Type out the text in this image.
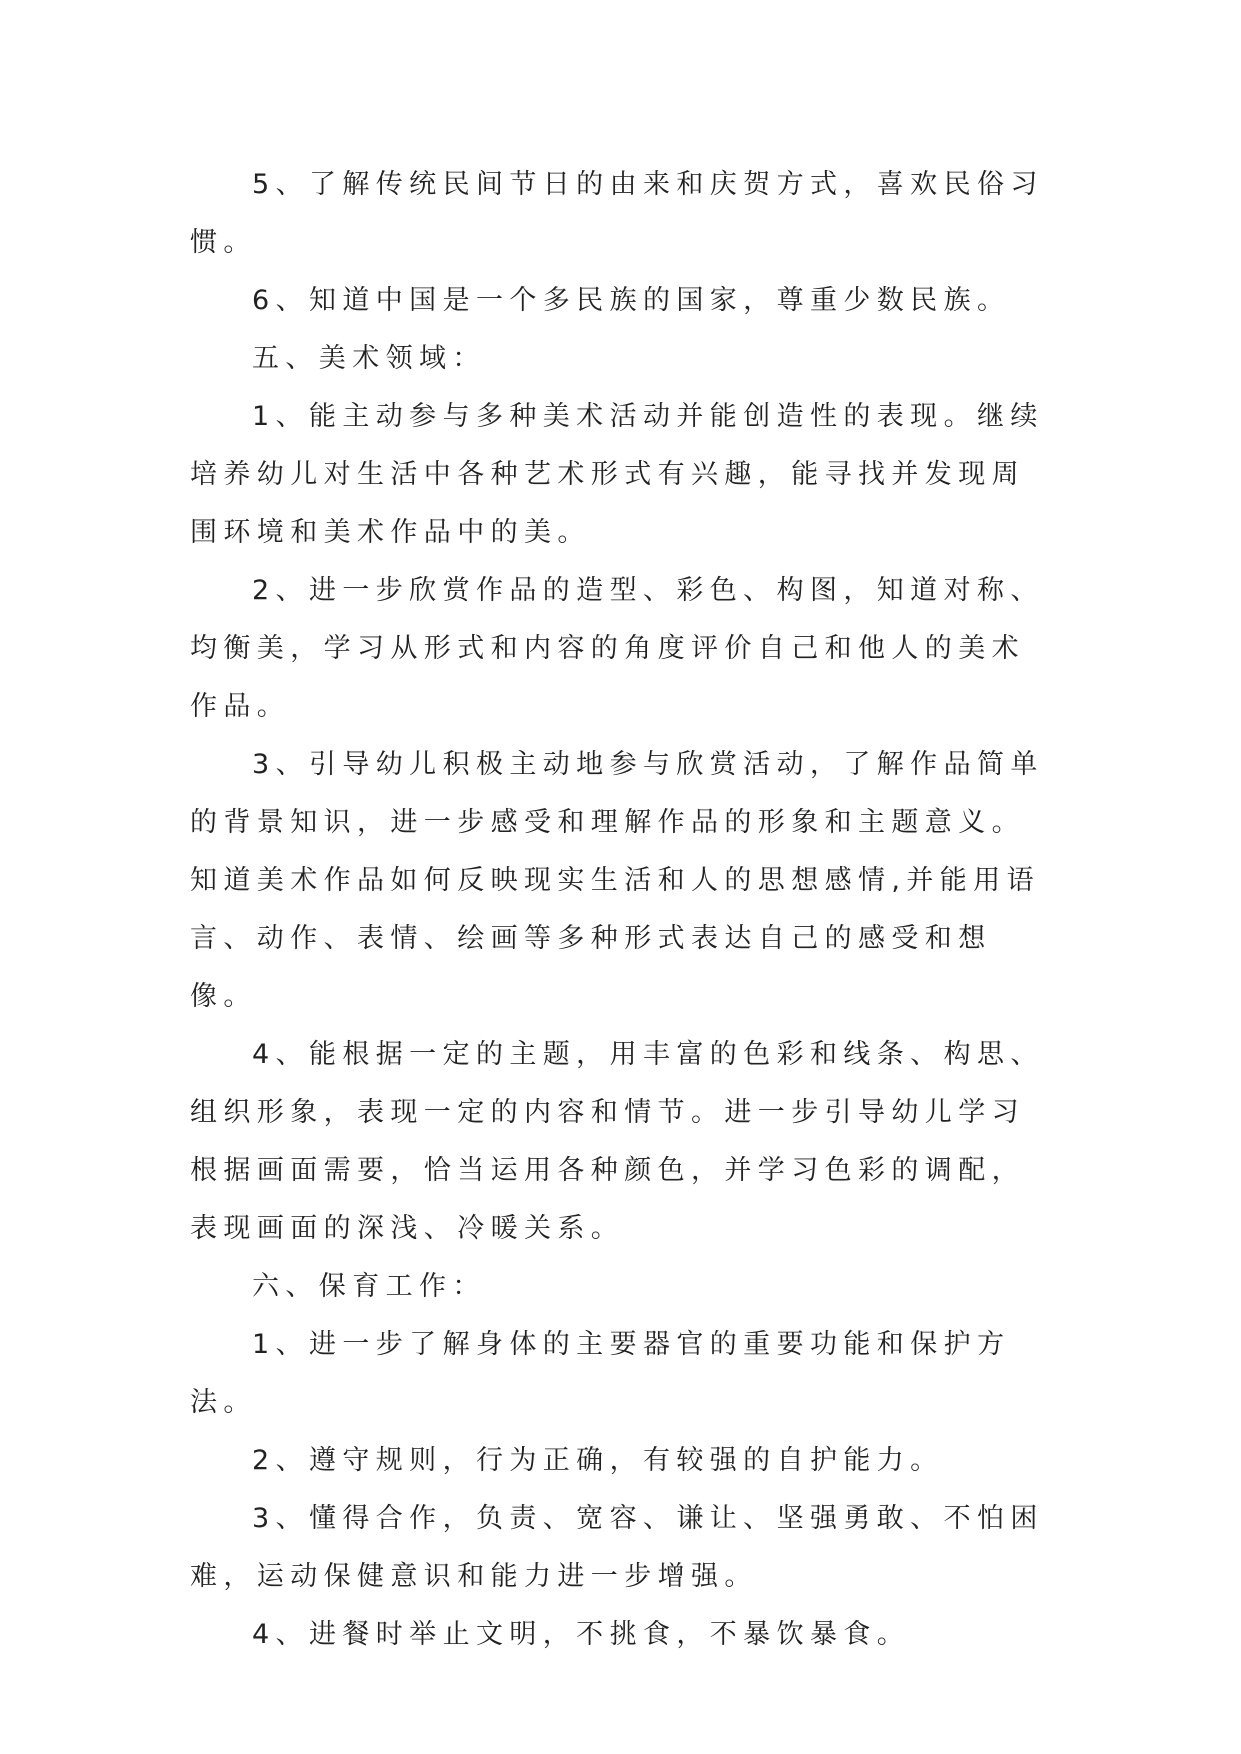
5、了解传统民间节日的由来和庆贺方式，喜欢民俗习惯。

6、知道中国是一个多民族的国家，尊重少数民族。

五、美术领域：

1、能主动参与多种美术活动并能创造性的表现。继续培养幼儿对生活中各种艺术形式有兴趣，能寻找并发现周围环境和美术作品中的美。

2、进一步欣赏作品的造型、彩色、构图，知道对称、均衡美，学习从形式和内容的角度评价自己和他人的美术作品。

3、引导幼儿积极主动地参与欣赏活动，了解作品简单的背景知识，进一步感受和理解作品的形象和主题意义。知道美术作品如何反映现实生活和人的思想感情,并能用语言、动作、表情、绘画等多种形式表达自己的感受和想像。

4、能根据一定的主题，用丰富的色彩和线条、构思、组织形象，表现一定的内容和情节。进一步引导幼儿学习根据画面需要，恰当运用各种颜色，并学习色彩的调配，表现画面的深浅、冷暖关系。

六、保育工作：

1、进一步了解身体的主要器官的重要功能和保护方法。

2、遵守规则，行为正确，有较强的自护能力。

3、懂得合作，负责、宽容、谦让、坚强勇敢、不怕困难，运动保健意识和能力进一步增强。

4、进餐时举止文明，不挑食，不暴饮暴食。
